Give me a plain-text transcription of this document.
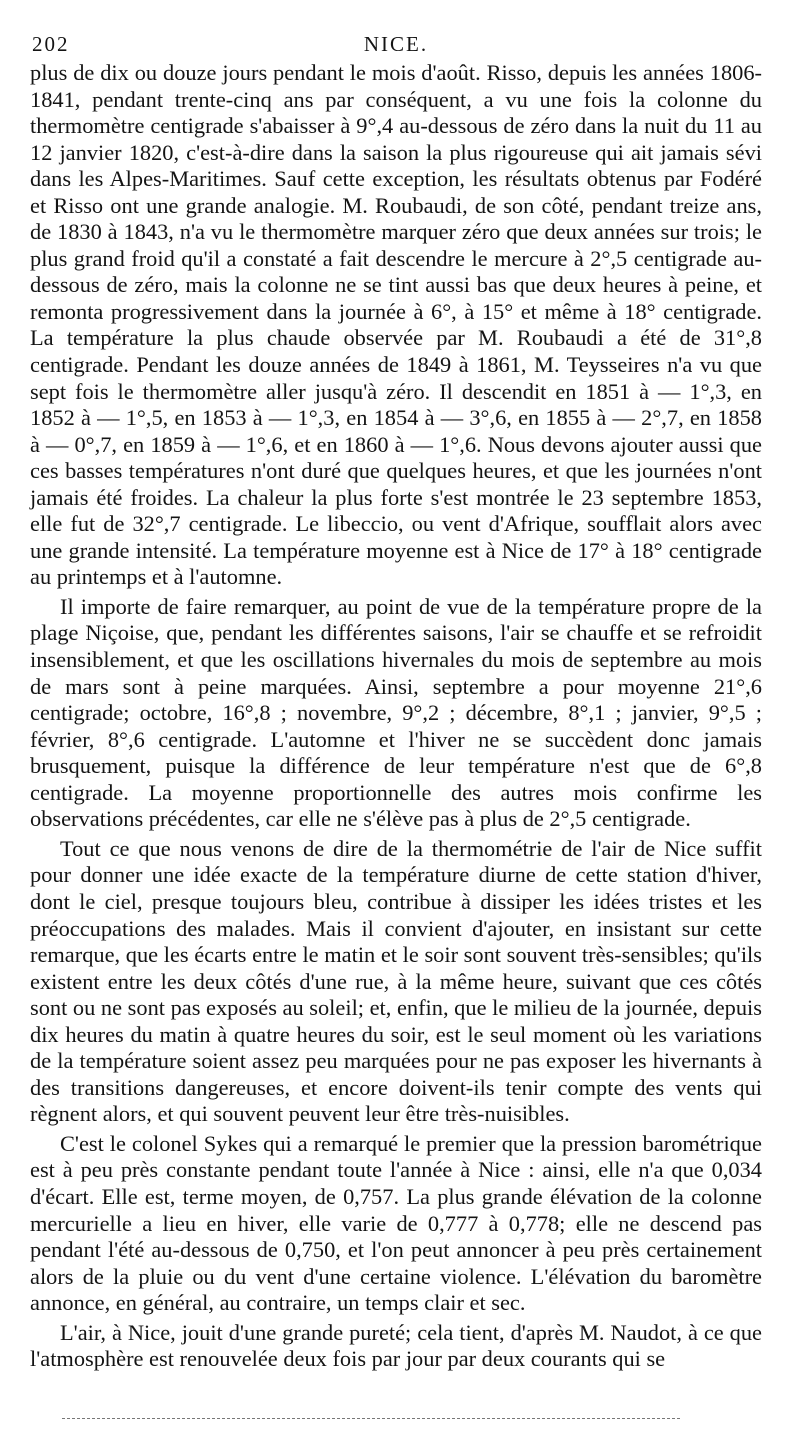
202	NICE.

plus de dix ou douze jours pendant le mois d'août. Risso, depuis les années 1806-1841, pendant trente-cinq ans par conséquent, a vu une fois la colonne du thermomètre centigrade s'abaisser à 9°,4 au-dessous de zéro dans la nuit du 11 au 12 janvier 1820, c'est-à-dire dans la saison la plus rigoureuse qui ait jamais sévi dans les Alpes-Maritimes. Sauf cette exception, les résultats obtenus par Fodéré et Risso ont une grande analogie. M. Roubaudi, de son côté, pendant treize ans, de 1830 à 1843, n'a vu le thermomètre marquer zéro que deux années sur trois; le plus grand froid qu'il a constaté a fait descendre le mercure à 2°,5 centigrade au-dessous de zéro, mais la colonne ne se tint aussi bas que deux heures à peine, et remonta progressivement dans la journée à 6°, à 15° et même à 18° centigrade. La température la plus chaude observée par M. Roubaudi a été de 31°,8 centigrade. Pendant les douze années de 1849 à 1861, M. Teysseires n'a vu que sept fois le thermomètre aller jusqu'à zéro. Il descendit en 1851 à — 1°,3, en 1852 à — 1°,5, en 1853 à — 1°,3, en 1854 à — 3°,6, en 1855 à — 2°,7, en 1858 à — 0°,7, en 1859 à — 1°,6, et en 1860 à — 1°,6. Nous devons ajouter aussi que ces basses températures n'ont duré que quelques heures, et que les journées n'ont jamais été froides. La chaleur la plus forte s'est montrée le 23 septembre 1853, elle fut de 32°,7 centigrade. Le libeccio, ou vent d'Afrique, soufflait alors avec une grande intensité. La température moyenne est à Nice de 17° à 18° centigrade au printemps et à l'automne.

Il importe de faire remarquer, au point de vue de la température propre de la plage Niçoise, que, pendant les différentes saisons, l'air se chauffe et se refroidit insensiblement, et que les oscillations hivernales du mois de septembre au mois de mars sont à peine marquées. Ainsi, septembre a pour moyenne 21°,6 centigrade; octobre, 16°,8 ; novembre, 9°,2 ; décembre, 8°,1 ; janvier, 9°,5 ; février, 8°,6 centigrade. L'automne et l'hiver ne se succèdent donc jamais brusquement, puisque la différence de leur température n'est que de 6°,8 centigrade. La moyenne proportionnelle des autres mois confirme les observations précédentes, car elle ne s'élève pas à plus de 2°,5 centigrade.

Tout ce que nous venons de dire de la thermométrie de l'air de Nice suffit pour donner une idée exacte de la température diurne de cette station d'hiver, dont le ciel, presque toujours bleu, contribue à dissiper les idées tristes et les préoccupations des malades. Mais il convient d'ajouter, en insistant sur cette remarque, que les écarts entre le matin et le soir sont souvent très-sensibles; qu'ils existent entre les deux côtés d'une rue, à la même heure, suivant que ces côtés sont ou ne sont pas exposés au soleil; et, enfin, que le milieu de la journée, depuis dix heures du matin à quatre heures du soir, est le seul moment où les variations de la température soient assez peu marquées pour ne pas exposer les hivernants à des transitions dangereuses, et encore doivent-ils tenir compte des vents qui règnent alors, et qui souvent peuvent leur être très-nuisibles.

C'est le colonel Sykes qui a remarqué le premier que la pression barométrique est à peu près constante pendant toute l'année à Nice : ainsi, elle n'a que 0,034 d'écart. Elle est, terme moyen, de 0,757. La plus grande élévation de la colonne mercurielle a lieu en hiver, elle varie de 0,777 à 0,778; elle ne descend pas pendant l'été au-dessous de 0,750, et l'on peut annoncer à peu près certainement alors de la pluie ou du vent d'une certaine violence. L'élévation du baromètre annonce, en général, au contraire, un temps clair et sec.

L'air, à Nice, jouit d'une grande pureté; cela tient, d'après M. Naudot, à ce que l'atmosphère est renouvelée deux fois par jour par deux courants qui se
